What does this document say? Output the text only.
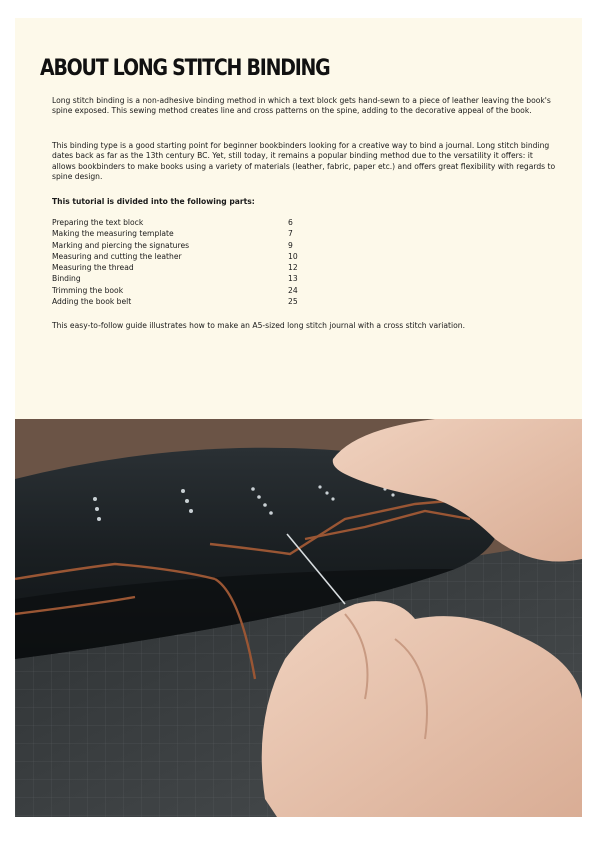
ABOUT LONG STITCH BINDING

Long stitch binding is a non-adhesive binding method in which a text block gets hand-sewn to a piece of leather leaving the book's spine exposed. This sewing method creates line and cross patterns on the spine, adding to the decorative appeal of the book.

This binding type is a good starting point for beginner bookbinders looking for a creative way to bind a journal. Long stitch binding dates back as far as the 13th century BC. Yet, still today, it remains a popular binding method due to the versatility it offers: it allows bookbinders to make books using a variety of materials (leather, fabric, paper etc.) and offers great flexibility with regards to spine design.

This tutorial is divided into the following parts:

Preparing the text block	6
Making the measuring template	7
Marking and piercing the signatures	9
Measuring and cutting the leather	10
Measuring the thread	12
Binding	13
Trimming the book	24
Adding the book belt	25

This easy-to-follow guide illustrates how to make an A5-sized long stitch journal with a cross stitch variation.
